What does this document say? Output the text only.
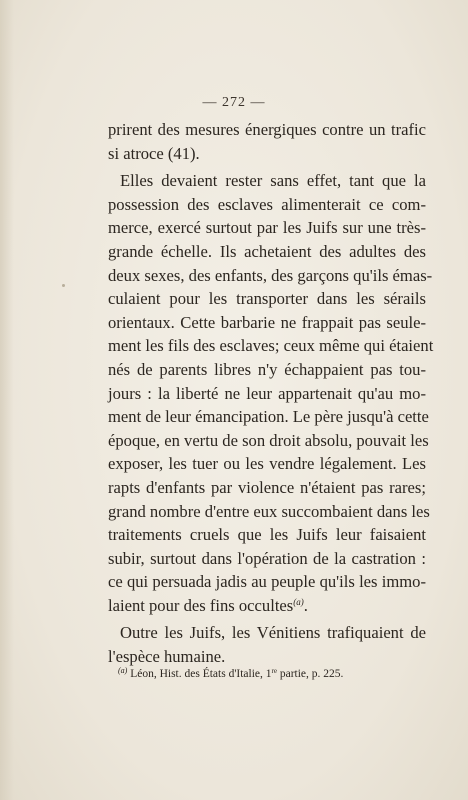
— 272 —

prirent des mesures énergiques contre un trafic
si atroce (41).

Elles devaient rester sans effet, tant que la
possession des esclaves alimenterait ce com-
merce, exercé surtout par les Juifs sur une très-
grande échelle. Ils achetaient des adultes des
deux sexes, des enfants, des garçons qu'ils émas-
culaient pour les transporter dans les sérails
orientaux. Cette barbarie ne frappait pas seule-
ment les fils des esclaves; ceux même qui étaient
nés de parents libres n'y échappaient pas tou-
jours : la liberté ne leur appartenait qu'au mo-
ment de leur émancipation. Le père jusqu'à cette
époque, en vertu de son droit absolu, pouvait les
exposer, les tuer ou les vendre légalement. Les
rapts d'enfants par violence n'étaient pas rares;
grand nombre d'entre eux succombaient dans les
traitements cruels que les Juifs leur faisaient
subir, surtout dans l'opération de la castration :
ce qui persuada jadis au peuple qu'ils les immo-
laient pour des fins occultes$^{(a)}$.

Outre les Juifs, les Vénitiens trafiquaient de
l'espèce humaine.

$^{(a)}$ Léon, Hist. des États d'Italie, 1re partie, p. 225.
